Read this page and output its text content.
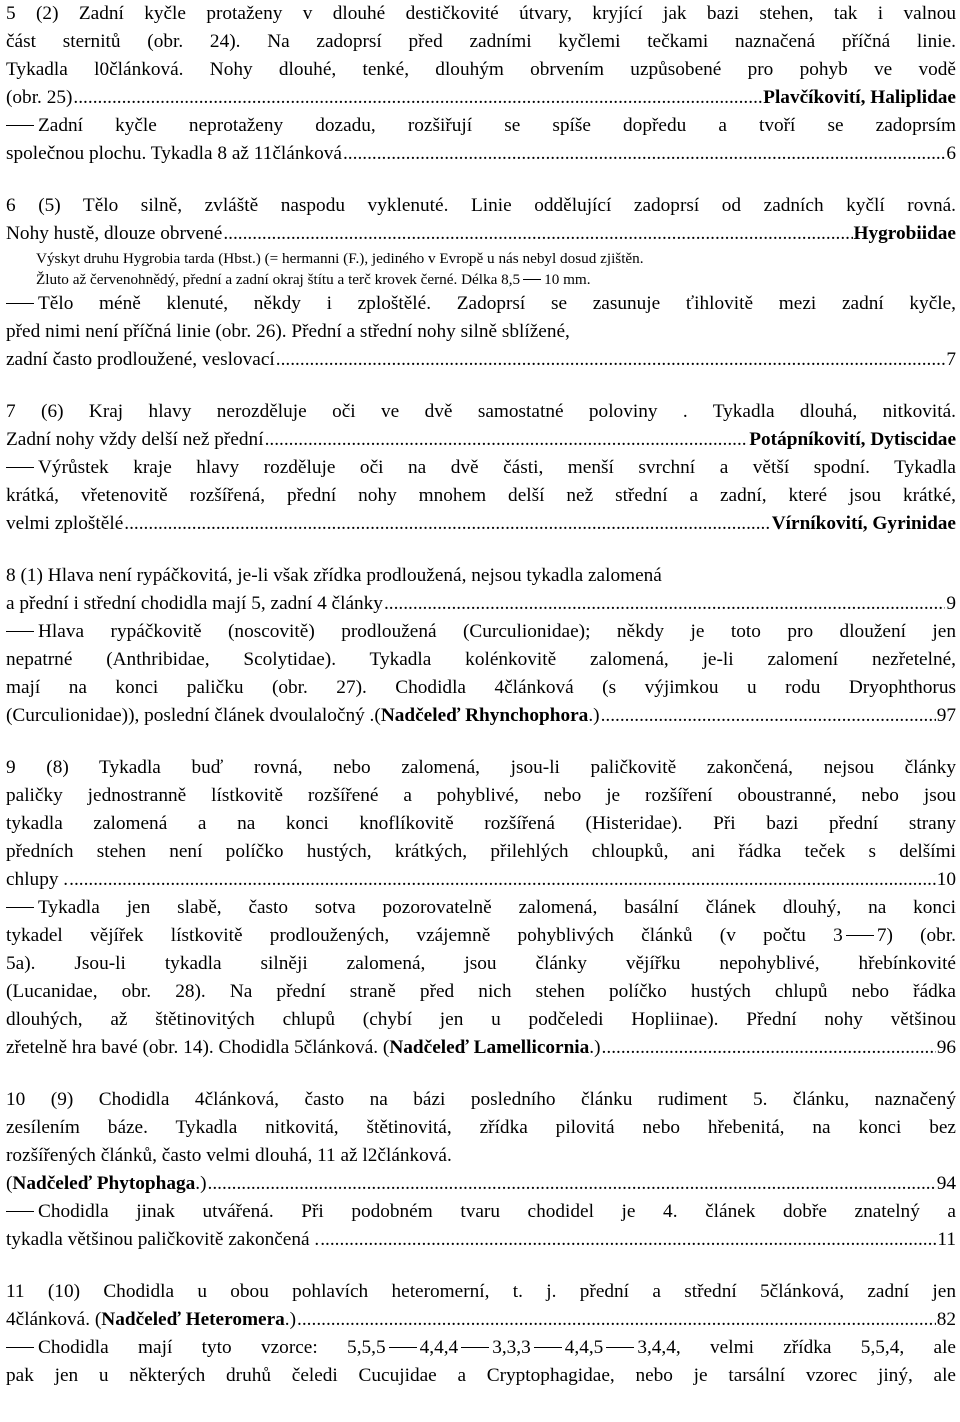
5 (2) Zadní kyčle protaženy v dlouhé destičkovité útvary, kryjící jak bazi stehen, tak i valnou
část sternitů (obr. 24). Na zadoprsí před zadními kyčlemi tečkami naznačená příčná linie.
Tykadla l0článková. Nohy dlouhé, tenké, dlouhým obrvením uzpůsobené pro pohyb ve vodě
(obr. 25) .....	Plavčíkovití, Haliplidae
Zadní kyčle neprotaženy dozadu, rozšiřují se spíše dopředu a tvoří se zadoprsím
společnou plochu. Tykadla 8 až 11článková .....	6
6 (5) Tělo silně, zvláště naspodu vyklenuté. Linie oddělující zadoprsí od zadních kyčlí rovná.
Nohy hustě, dlouze obrvené .....	Hygrobiidae
Výskyt druhu Hygrobia tarda (Hbst.) (= hermanni (F.), jediného v Evropě u nás nebyl dosud zjištěn.
Žluto až červenohnědý, přední a zadní okraj štítu a terč krovek černé. Délka 8,5 10 mm.
Tělo méně klenuté, někdy i zploštělé. Zadoprsí se zasunuje ťihlovitě mezi zadní kyčle,
před nimi není příčná linie (obr. 26). Přední a střední nohy silně sblížené,
zadní často prodloužené, veslovací .....	7
7 (6) Kraj hlavy nerozděluje oči ve dvě samostatné poloviny . Tykadla dlouhá, nitkovitá.
Zadní nohy vždy delší než přední .....	Potápníkovití, Dytiscidae
Výrůstek kraje hlavy rozděluje oči na dvě části, menší svrchní a větší spodní. Tykadla
krátká, vřetenovitě rozšířená, přední nohy mnohem delší než střední a zadní, které jsou krátké,
velmi zploštělé .....	Vírníkovití, Gyrinidae
8 (1) Hlava není rypáčkovitá, je-li však zřídka prodloužená, nejsou tykadla zalomená
a přední i střední chodidla mají 5, zadní 4 články .....	9
Hlava rypáčkovitě (noscovitě) prodloužená (Curculionidae); někdy je toto pro dloužení jen
nepatrné (Anthribidae, Scolytidae). Tykadla kolénkovitě zalomená, je-li zalomení nezřetelné,
mají na konci paličku (obr. 27). Chodidla 4článková (s výjimkou u rodu Dryophthorus
(Curculionidae)), poslední článek dvoulaločný .(Nadčeleď Rhynchophora.) .....	97
9 (8) Tykadla buď rovná, nebo zalomená, jsou-li paličkovitě zakončená, nejsou články
paličky jednostranně lístkovitě rozšířené a pohyblivé, nebo je rozšíření oboustranné, nebo jsou
tykadla zalomená a na konci knoflíkovitě rozšířená (Histeridae). Při bazi přední strany
předních stehen není políčko hustých, krátkých, přilehlých chloupků, ani řádka teček s delšími
chlupy . .....	10
Tykadla jen slabě, často sotva pozorovatelně zalomená, basální článek dlouhý, na konci
tykadel vějířek lístkovitě prodloužených, vzájemně pohyblivých článků (v počtu 3 7) (obr.
5a). Jsou-li tykadla silněji zalomená, jsou články vějířku nepohyblivé, hřebínkovité
(Lucanidae, obr. 28). Na přední straně před nich stehen políčko hustých chlupů nebo řádka
dlouhých, až štětinovitých chlupů (chybí jen u podčeledi Hopliinae). Přední nohy většinou
zřetelně hra bavé (obr. 14). Chodidla 5článková. (Nadčeleď Lamellicornia.) .....	96
10 (9) Chodidla 4článková, často na bázi posledního článku rudiment 5. článku, naznačený
zesílením báze. Tykadla nitkovitá, štětinovitá, zřídka pilovitá nebo hřebenitá, na konci bez
rozšířených článků, často velmi dlouhá, 11 až l2článková.
(Nadčeleď Phytophaga.) .....	94
Chodidla jinak utvářená. Při podobném tvaru chodidel je 4. článek dobře znatelný a
tykadla většinou paličkovitě zakončená . .....	11
11 (10) Chodidla u obou pohlavích heteromerní, t. j. přední a střední 5článková, zadní jen
4článková. (Nadčeleď Heteromera.) .....	82
Chodidla mají tyto vzorce: 5,5,5 4,4,4 3,3,3 4,4,5 3,4,4, velmi zřídka 5,5,4, ale
pak jen u některých druhů čeledi Cucujidae a Cryptophagidae, nebo je tarsální vzorec jiný, ale
